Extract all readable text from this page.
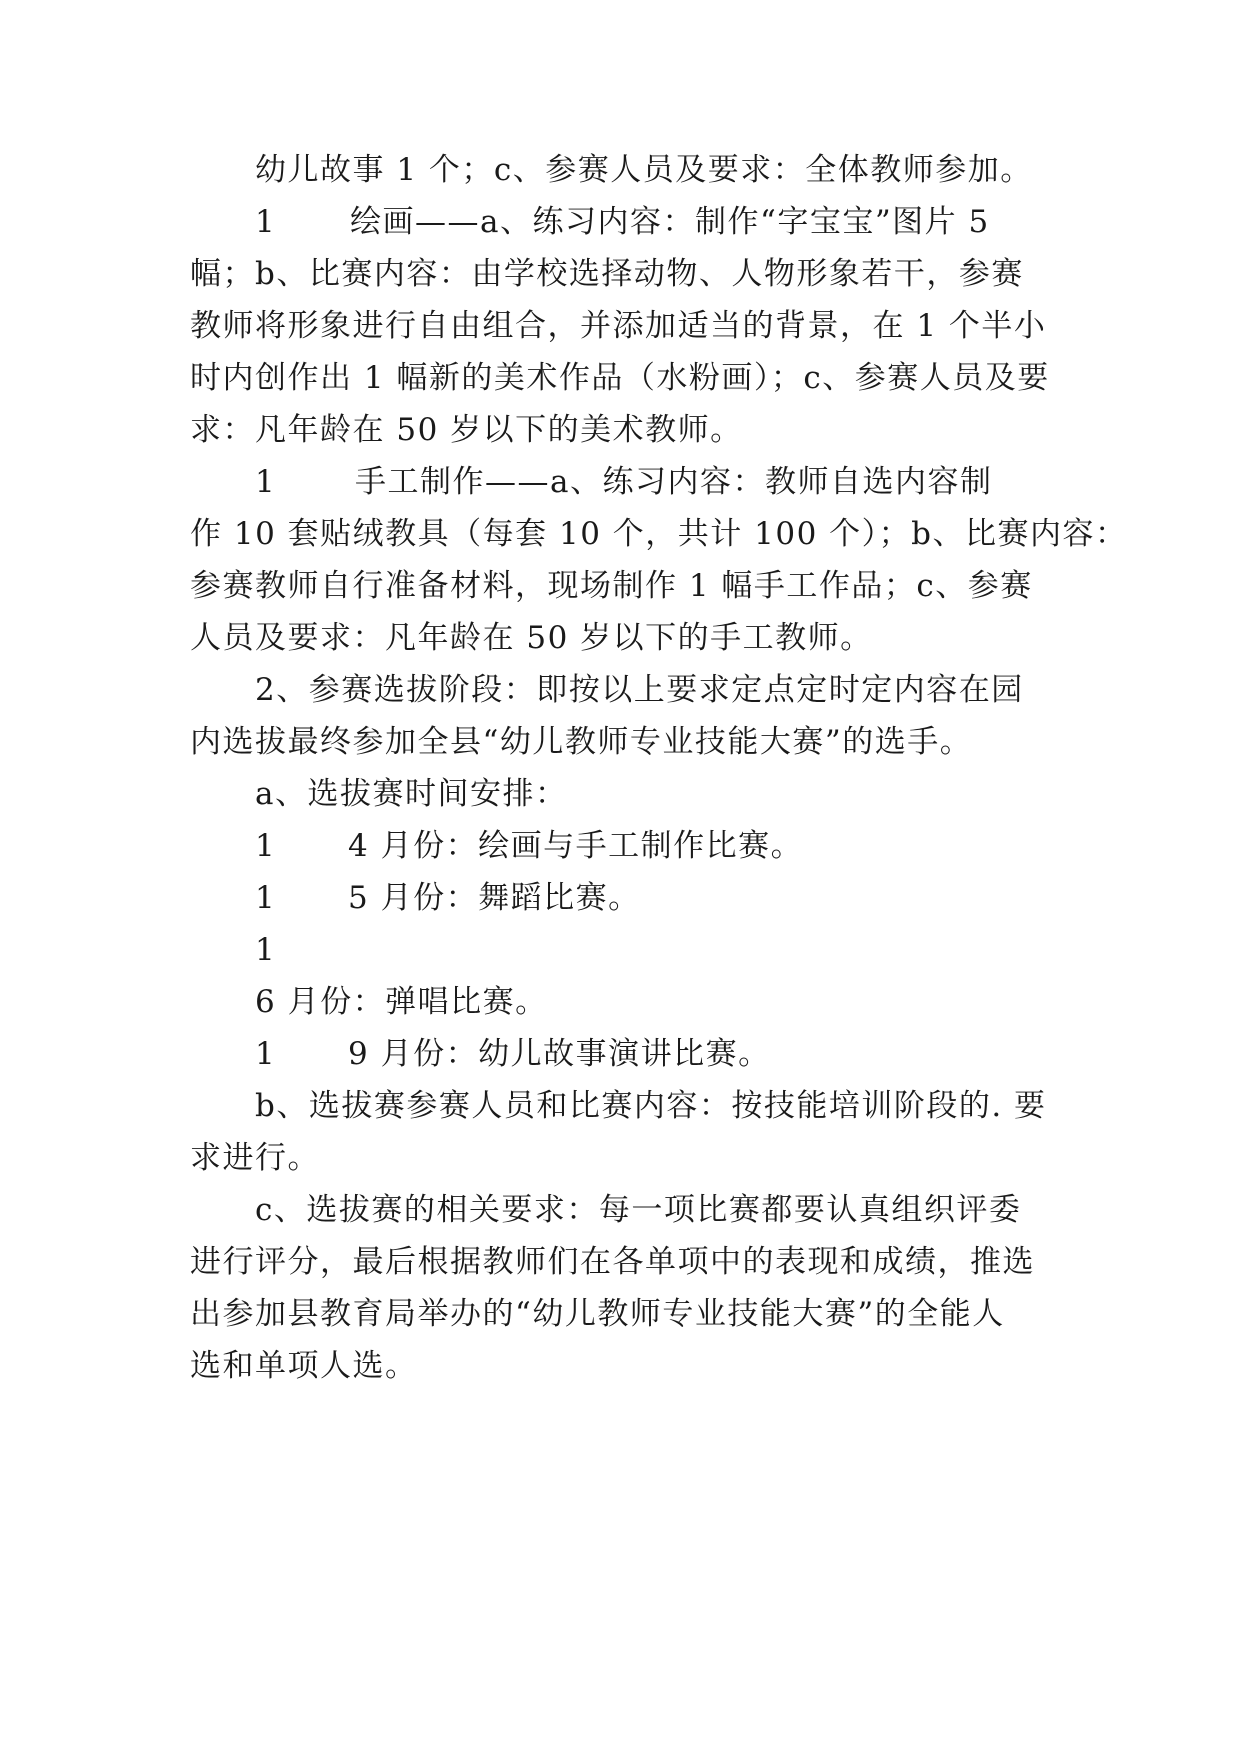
幼儿故事 1 个；c、参赛人员及要求：全体教师参加。
1 绘画——a、练习内容：制作“字宝宝”图片 5
幅；b、比赛内容：由学校选择动物、人物形象若干，参赛
教师将形象进行自由组合，并添加适当的背景，在 1 个半小
时内创作出 1 幅新的美术作品（水粉画）；c、参赛人员及要
求：凡年龄在 50 岁以下的美术教师。
1	手工制作——a、练习内容：教师自选内容制
作 10 套贴绒教具（每套 10 个，共计 100 个）；b、比赛内容：
参赛教师自行准备材料，现场制作 1 幅手工作品；c、参赛
人员及要求：凡年龄在 50 岁以下的手工教师。
2、参赛选拔阶段：即按以上要求定点定时定内容在园
内选拔最终参加全县“幼儿教师专业技能大赛”的选手。
a、选拔赛时间安排：
1 4 月份：绘画与手工制作比赛。
1 5 月份：舞蹈比赛。
1
6 月份：弹唱比赛。
1 9 月份：幼儿故事演讲比赛。
b、选拔赛参赛人员和比赛内容：按技能培训阶段的. 要
求进行。
c、选拔赛的相关要求：每一项比赛都要认真组织评委
进行评分，最后根据教师们在各单项中的表现和成绩，推选
出参加县教育局举办的“幼儿教师专业技能大赛”的全能人
选和单项人选。
